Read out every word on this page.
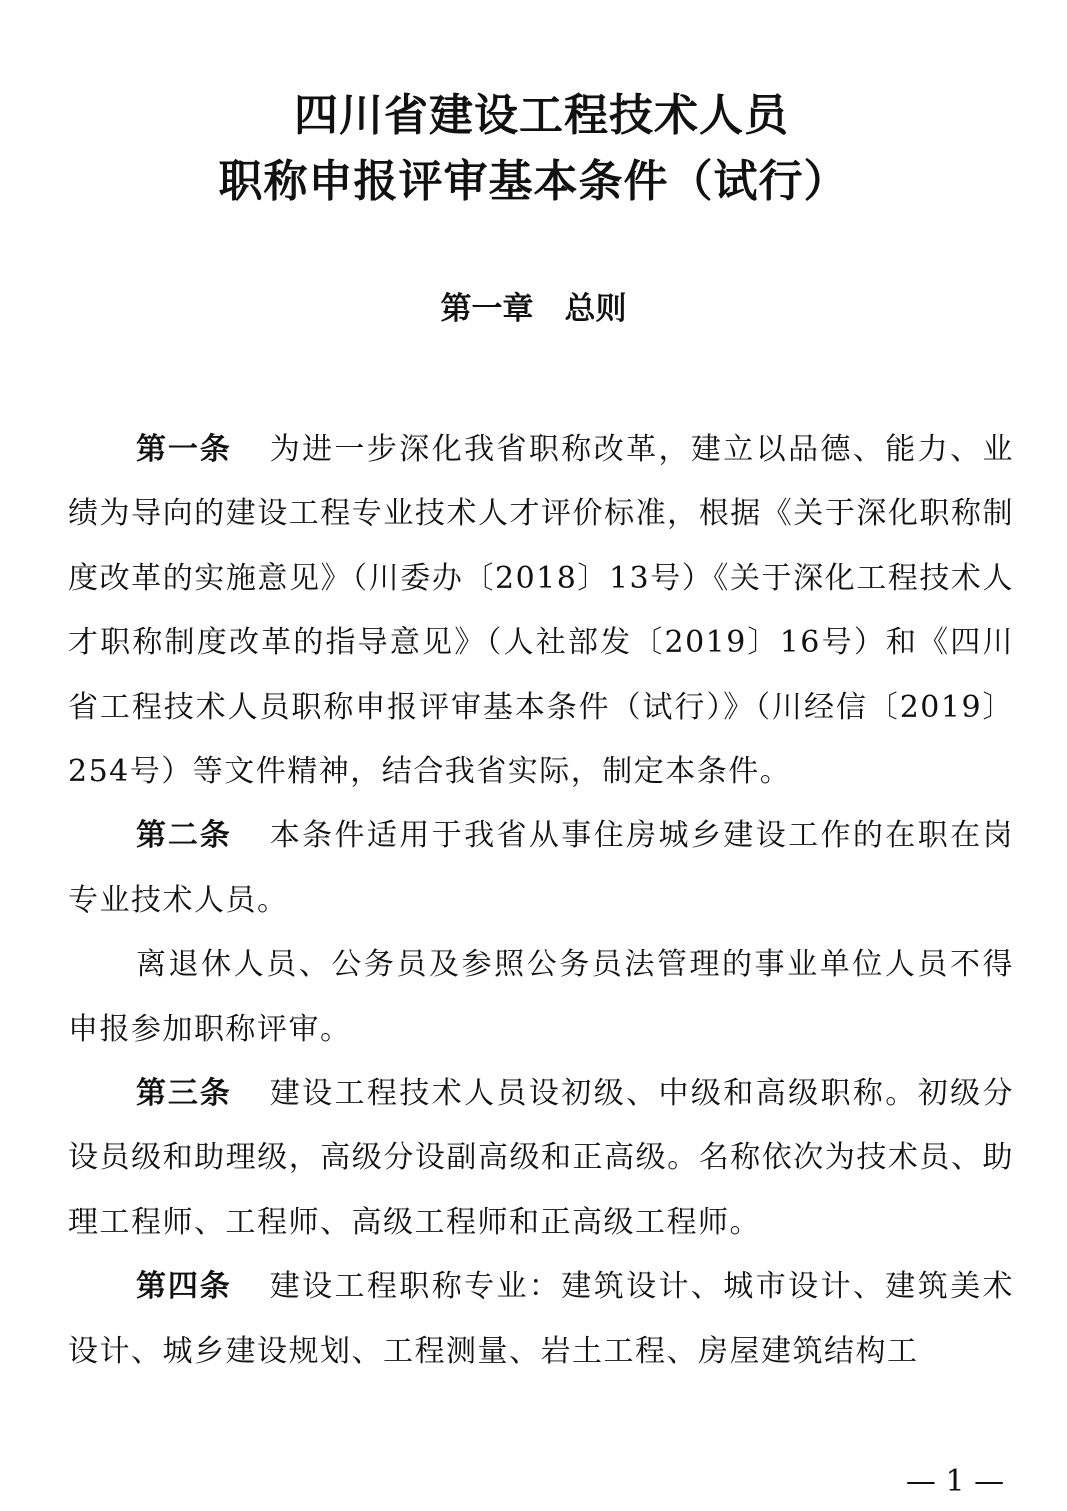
四川省建设工程技术人员
职称申报评审基本条件（试行）
第一章　总则

第一条 为进一步深化我省职称改革，建立以品德、能力、业绩为导向的建设工程专业技术人才评价标准，根据《关于深化职称制度改革的实施意见》（川委办〔2018〕13号）《关于深化工程技术人才职称制度改革的指导意见》（人社部发〔2019〕16号）和《四川省工程技术人员职称申报评审基本条件（试行）》（川经信〔2019〕254号）等文件精神，结合我省实际，制定本条件。

第二条 本条件适用于我省从事住房城乡建设工作的在职在岗专业技术人员。

离退休人员、公务员及参照公务员法管理的事业单位人员不得申报参加职称评审。

第三条 建设工程技术人员设初级、中级和高级职称。初级分设员级和助理级，高级分设副高级和正高级。名称依次为技术员、助理工程师、工程师、高级工程师和正高级工程师。

第四条 建设工程职称专业：建筑设计、城市设计、建筑美术设计、城乡建设规划、工程测量、岩土工程、房屋建筑结构工

— 1 —
